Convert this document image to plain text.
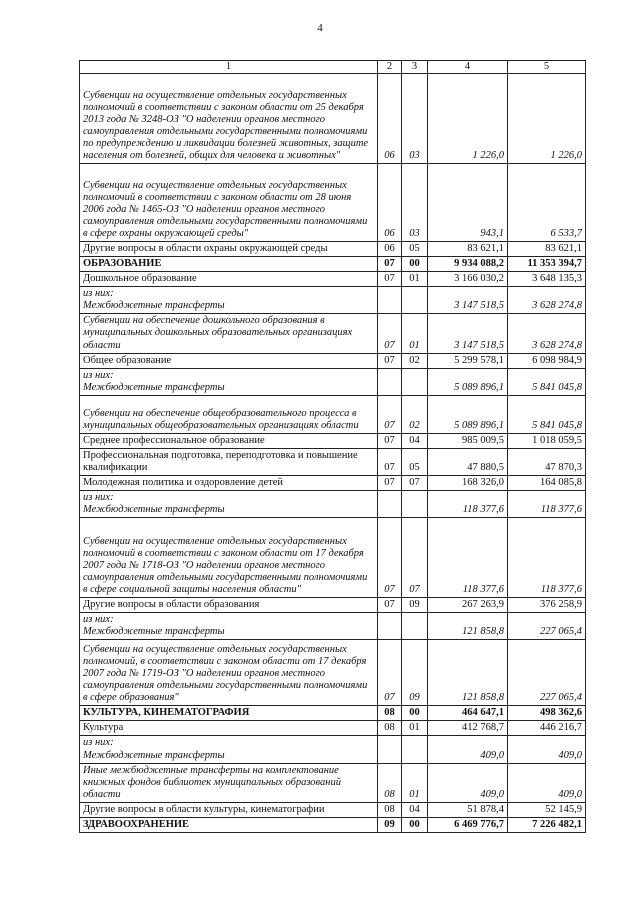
4
1	2	3	4	5
Субвенции на осуществление отдельных государственных полномочий в соответствии с законом области от 25 декабря 2013 года № 3248-ОЗ "О наделении органов местного самоуправления отдельными государственными полномочиями по предупреждению и ликвидации болезней животных, защите населения от болезней, общих для человека и животных"	06	03	1 226,0	1 226,0
Субвенции на осуществление отдельных государственных полномочий в соответствии с законом области от 28 июня 2006 года № 1465-ОЗ "О наделении органов местного самоуправления отдельными государственными полномочиями в сфере охраны окружающей среды"	06	03	943,1	6 533,7
Другие вопросы в области охраны окружающей среды	06	05	83 621,1	83 621,1
ОБРАЗОВАНИЕ	07	00	9 934 088,2	11 353 394,7
Дошкольное образование	07	01	3 166 030,2	3 648 135,3
из них:
Межбюджетные трансферты			3 147 518,5	3 628 274,8
Субвенции на обеспечение дошкольного образования в муниципальных дошкольных образовательных организациях области	07	01	3 147 518,5	3 628 274,8
Общее образование	07	02	5 299 578,1	6 098 984,9
из них:
Межбюджетные трансферты			5 089 896,1	5 841 045,8
Субвенции на обеспечение общеобразовательного процесса в муниципальных общеобразовательных организациях области	07	02	5 089 896,1	5 841 045,8
Среднее профессиональное образование	07	04	985 009,5	1 018 059,5
Профессиональная подготовка, переподготовка и повышение квалификации	07	05	47 880,5	47 870,3
Молодежная политика и оздоровление детей	07	07	168 326,0	164 085,8
из них:
Межбюджетные трансферты			118 377,6	118 377,6
Субвенции на осуществление отдельных государственных полномочий в соответствии с законом области от 17 декабря 2007 года № 1718-ОЗ "О наделении органов местного самоуправления отдельными государственными полномочиями в сфере социальной защиты населения области"	07	07	118 377,6	118 377,6
Другие вопросы в области образования	07	09	267 263,9	376 258,9
из них:
Межбюджетные трансферты			121 858,8	227 065,4
Субвенции на осуществление отдельных государственных полномочий, в соответствии с законом области от 17 декабря 2007 года № 1719-ОЗ "О наделении органов местного самоуправления отдельными государственными полномочиями в сфере образования"	07	09	121 858,8	227 065,4
КУЛЬТУРА, КИНЕМАТОГРАФИЯ	08	00	464 647,1	498 362,6
Культура	08	01	412 768,7	446 216,7
из них:
Межбюджетные трансферты			409,0	409,0
Иные межбюджетные трансферты на комплектование книжных фондов библиотек муниципальных образований области	08	01	409,0	409,0
Другие вопросы в области культуры, кинематографии	08	04	51 878,4	52 145,9
ЗДРАВООХРАНЕНИЕ	09	00	6 469 776,7	7 226 482,1
